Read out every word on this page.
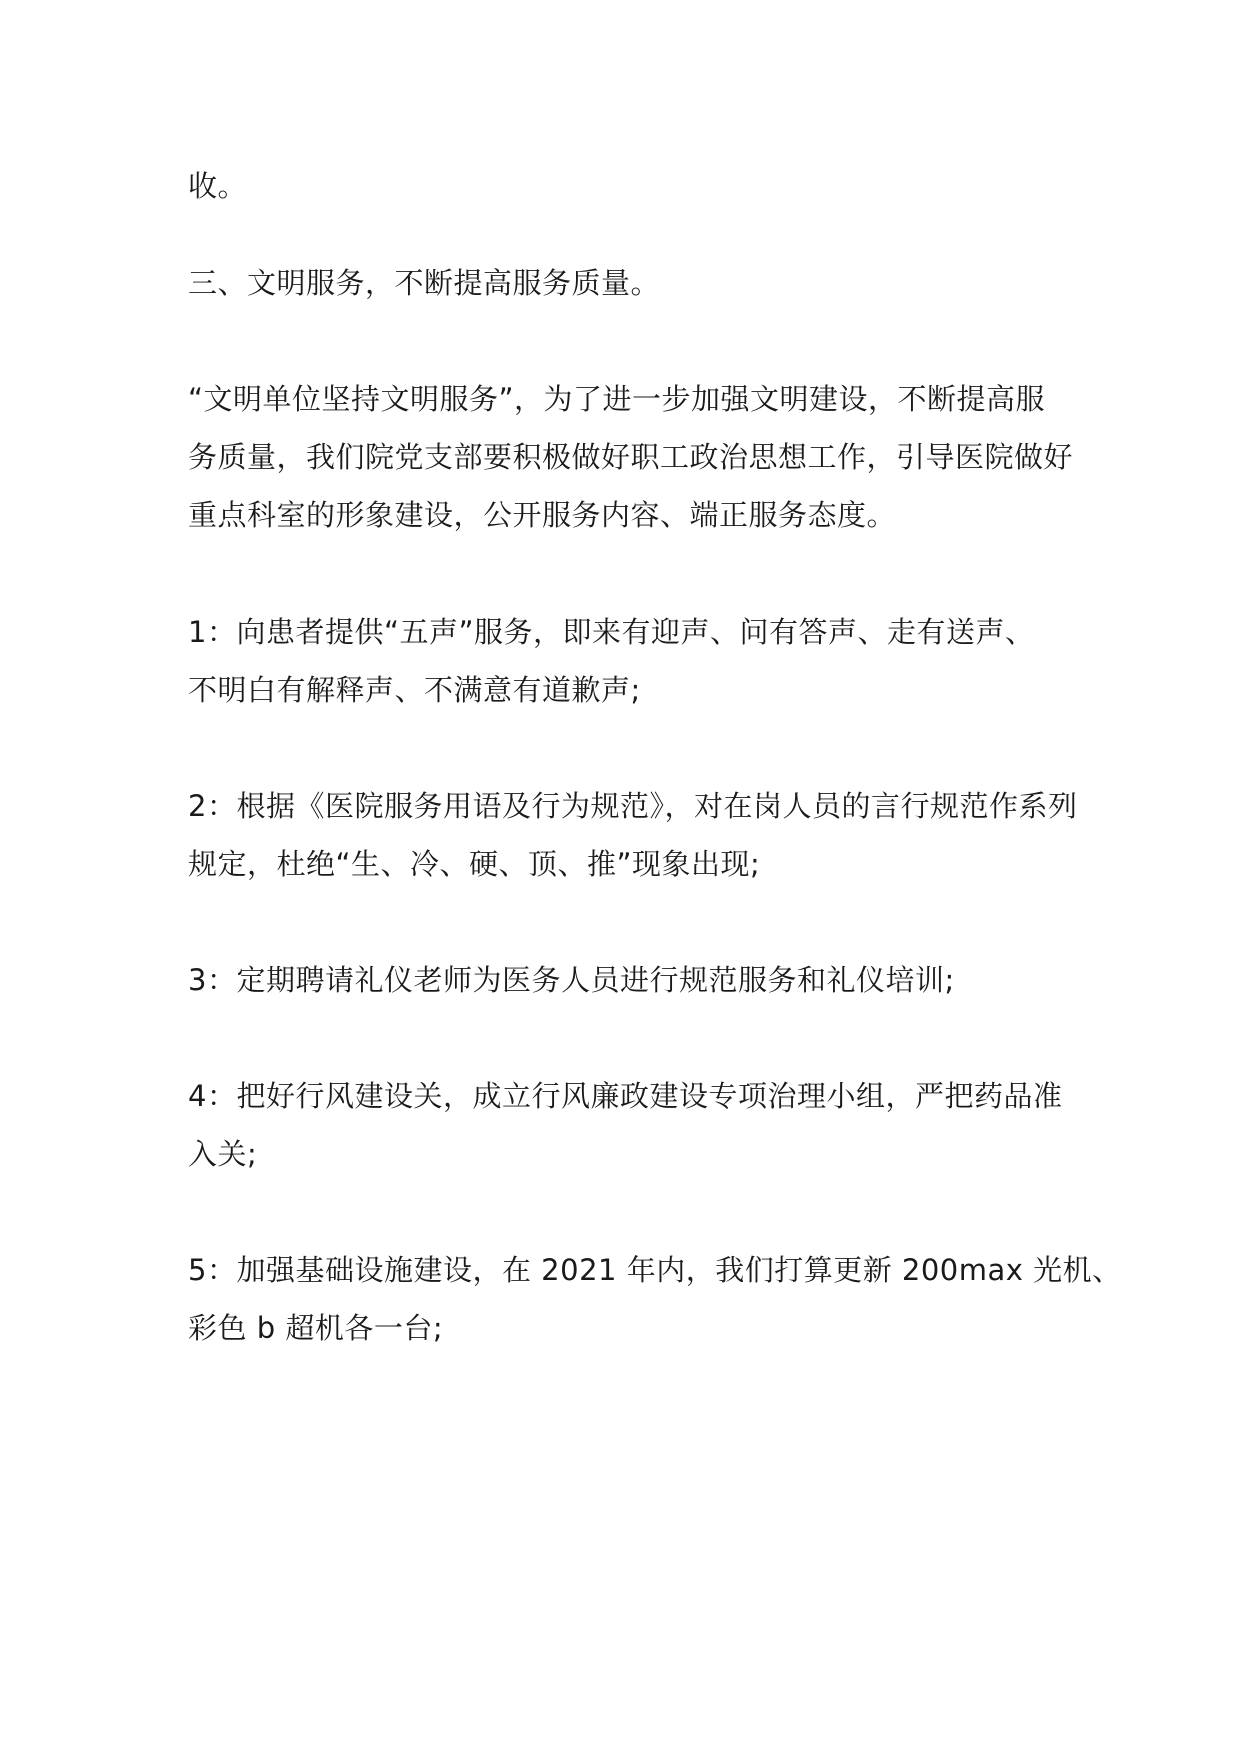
收。
三、文明服务，不断提高服务质量。
“文明单位坚持文明服务”，为了进一步加强文明建设，不断提高服
务质量，我们院党支部要积极做好职工政治思想工作，引导医院做好
重点科室的形象建设，公开服务内容、端正服务态度。
1：向患者提供“五声”服务，即来有迎声、问有答声、走有送声、
不明白有解释声、不满意有道歉声;
2：根据《医院服务用语及行为规范》，对在岗人员的言行规范作系列
规定，杜绝“生、冷、硬、顶、推”现象出现;
3：定期聘请礼仪老师为医务人员进行规范服务和礼仪培训;
4：把好行风建设关，成立行风廉政建设专项治理小组，严把药品准
入关;
5：加强基础设施建设，在 2021 年内，我们打算更新 200max 光机、
彩色 b 超机各一台;
